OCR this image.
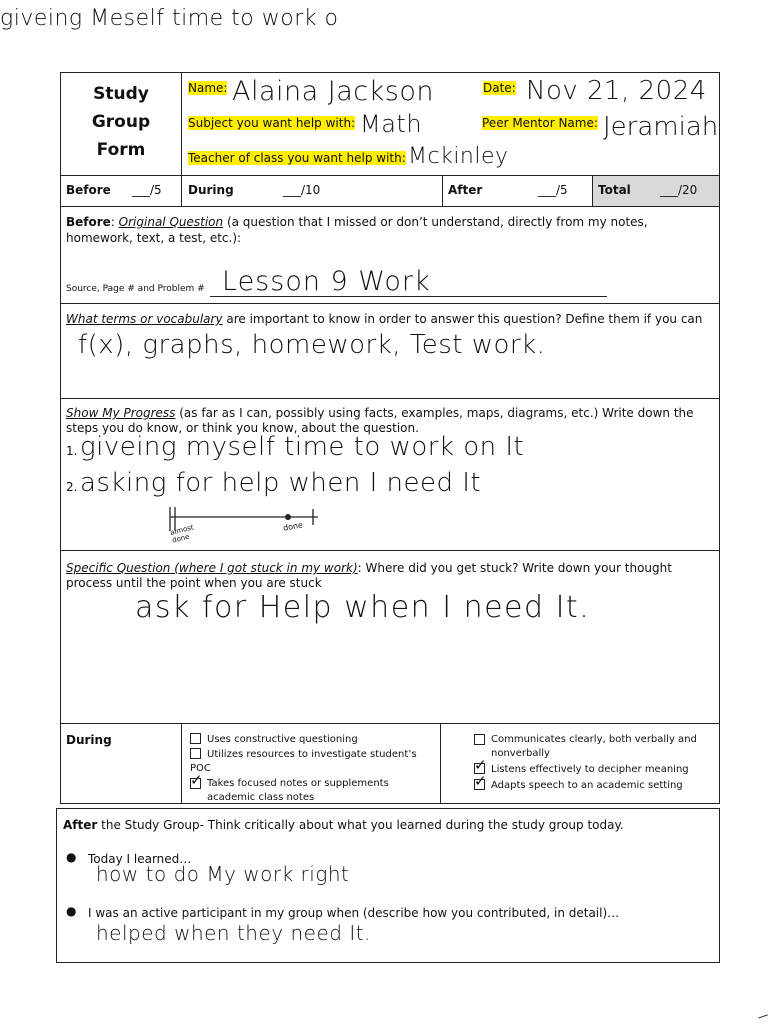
giveing Meself time to work o
Study
Group
Form
Name: Alaina Jackson	Date: Nov 21, 2024
Subject you want help with: Math	Peer Mentor Name: Jeramiah
Teacher of class you want help with: Mckinley
Before ___/5 During	___/10	After	___/5	Total ___/20
Before: Original Question (a question that I missed or don’t understand, directly from my notes, homework, text, a test, etc.):
Source, Page # and Problem # Lesson 9 Work
What terms or vocabulary are important to know in order to answer this question? Define them if you can
f(x), graphs, homework, Test work.
Show My Progress (as far as I can, possibly using facts, examples, maps, diagrams, etc.) Write down the steps you do know, or think you know, about the question.
1. giveing myself time to work on It
2. asking for help when I need It
almost done
done
Specific Question (where I got stuck in my work): Where did you get stuck? Write down your thought process until the point when you are stuck
ask for Help when I need It.
During	Uses constructive questioning
Utilizes resources to investigate student’s POC
✓
Takes focused notes or supplements academic class notes
Communicates clearly, both verbally and nonverbally
✓Listens effectively to decipher meaning
✓Adapts speech to an academic setting
After the Study Group- Think critically about what you learned during the study group today.
● Today I learned…
how to do My work right
● I was an active participant in my group when (describe how you contributed, in detail)…
helped when they need It.
